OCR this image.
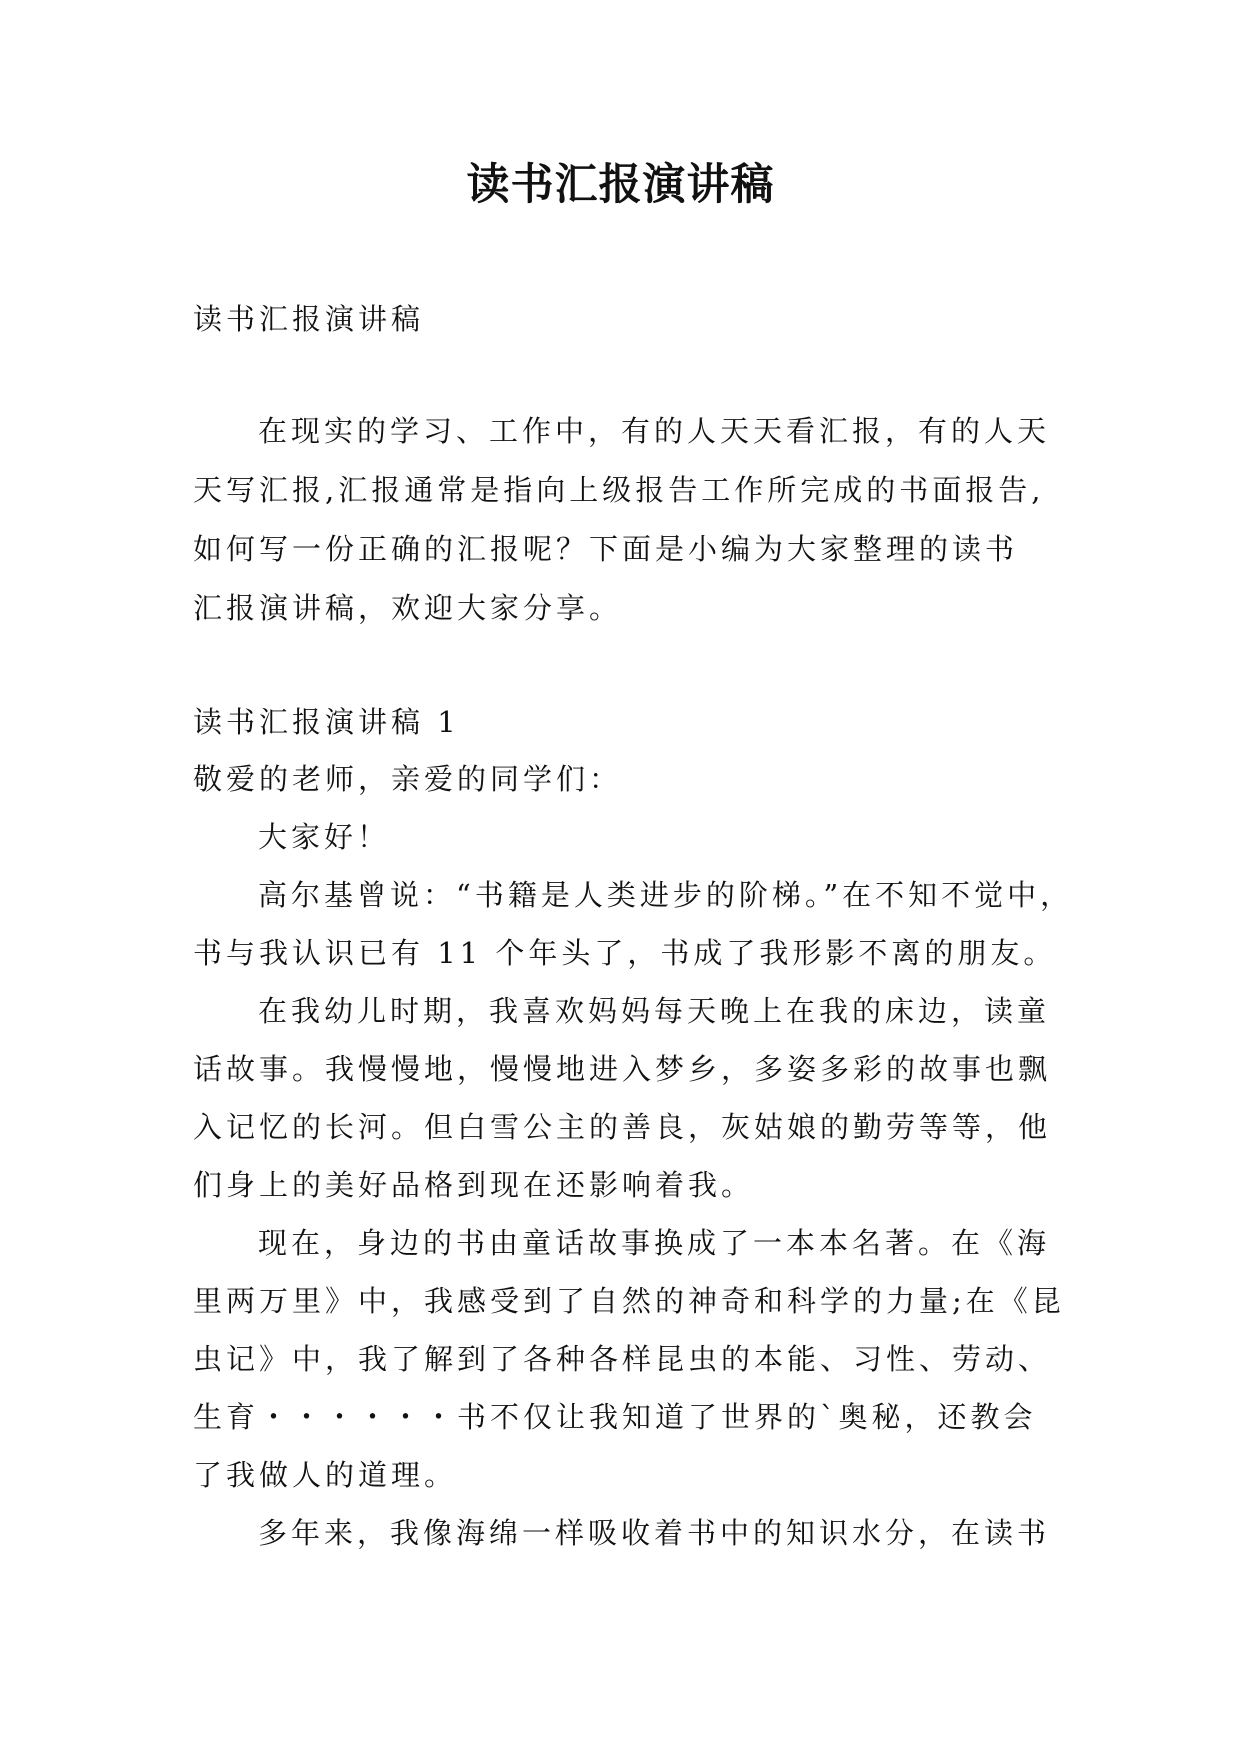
读书汇报演讲稿
读书汇报演讲稿
在现实的学习、工作中，有的人天天看汇报，有的人天
天写汇报,汇报通常是指向上级报告工作所完成的书面报告,
如何写一份正确的汇报呢？下面是小编为大家整理的读书
汇报演讲稿，欢迎大家分享。
读书汇报演讲稿 1
敬爱的老师，亲爱的同学们：
大家好！
高尔基曾说：“书籍是人类进步的阶梯。”在不知不觉中，
书与我认识已有 11 个年头了，书成了我形影不离的朋友。
在我幼儿时期，我喜欢妈妈每天晚上在我的床边，读童
话故事。我慢慢地，慢慢地进入梦乡，多姿多彩的故事也飘
入记忆的长河。但白雪公主的善良，灰姑娘的勤劳等等，他
们身上的美好品格到现在还影响着我。
现在，身边的书由童话故事换成了一本本名著。在《海
里两万里》中，我感受到了自然的神奇和科学的力量;在《昆
虫记》中，我了解到了各种各样昆虫的本能、习性、劳动、
生育・・・・・・书不仅让我知道了世界的`奥秘，还教会
了我做人的道理。
多年来，我像海绵一样吸收着书中的知识水分，在读书
